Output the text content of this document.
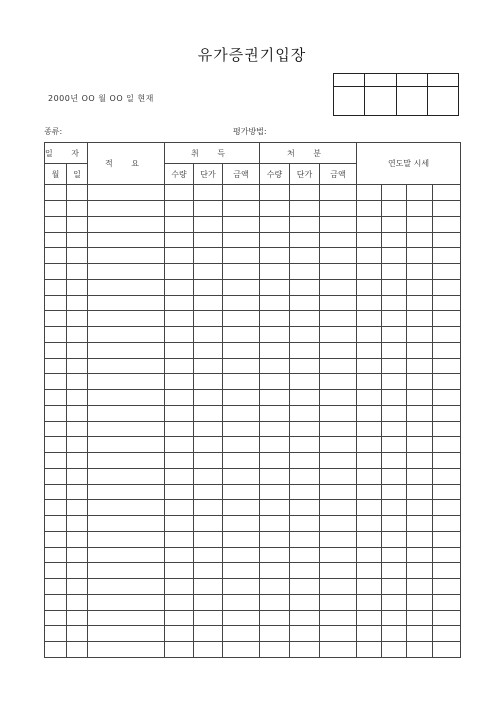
유가증권기입장

2000년 OO 월 OO 일 현재
종류:	평가방법:
일 자		적 요	취 득			처 분			연도말 시세			
월	일		수량	단가	금액	수량	단가	금액				
